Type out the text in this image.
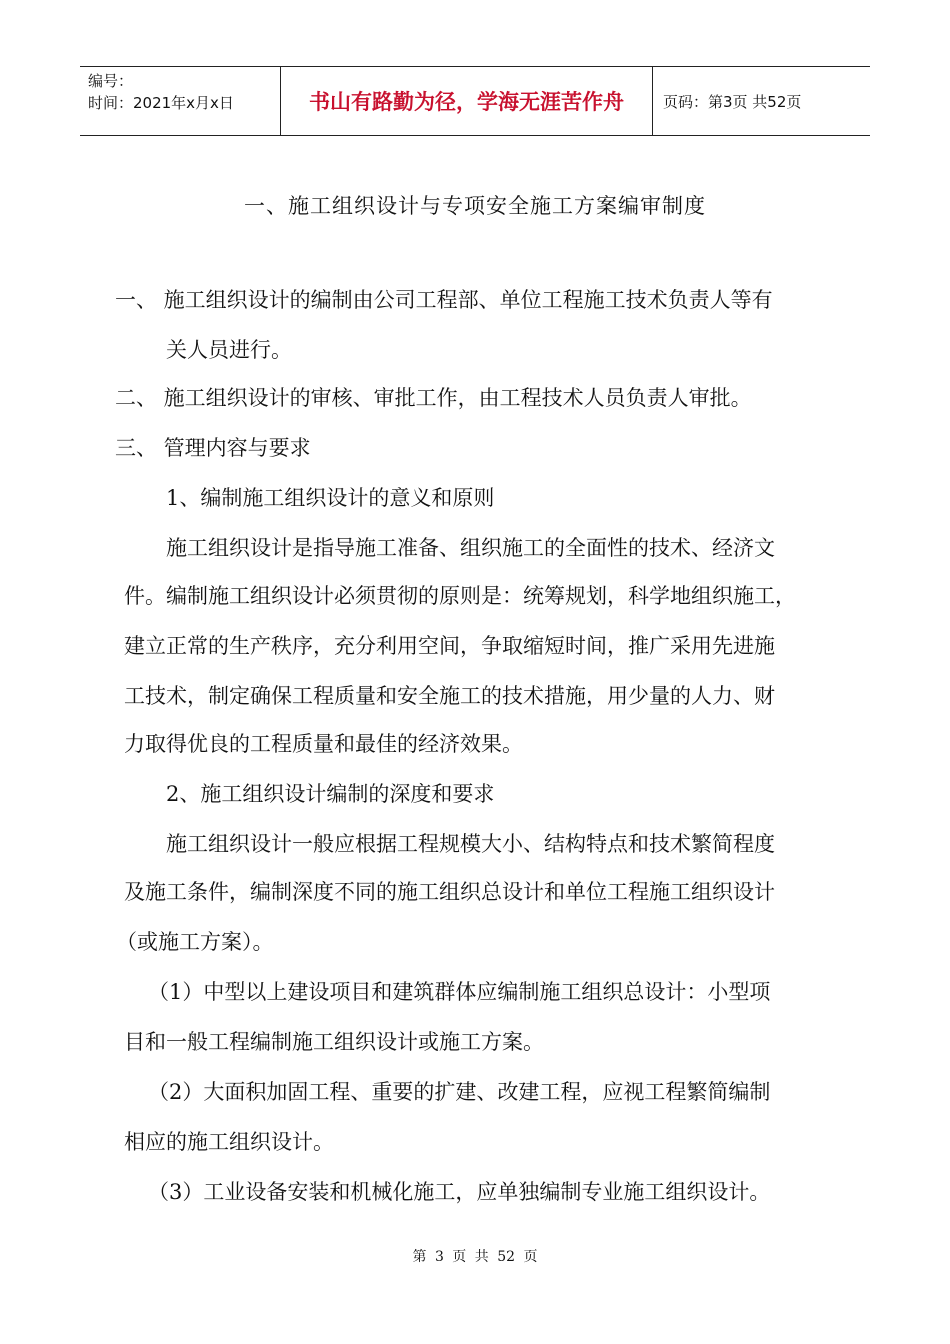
编号：
时间：2021年x月x日	书山有路勤为径，学海无涯苦作舟	页码：第3页 共52页
一、施工组织设计与专项安全施工方案编审制度
一、 施工组织设计的编制由公司工程部、单位工程施工技术负责人等有
关人员进行。
二、 施工组织设计的审核、审批工作，由工程技术人员负责人审批。
三、 管理内容与要求
1、编制施工组织设计的意义和原则
施工组织设计是指导施工准备、组织施工的全面性的技术、经济文
件。编制施工组织设计必须贯彻的原则是：统筹规划，科学地组织施工，
建立正常的生产秩序，充分利用空间，争取缩短时间，推广采用先进施
工技术，制定确保工程质量和安全施工的技术措施，用少量的人力、财
力取得优良的工程质量和最佳的经济效果。
2、施工组织设计编制的深度和要求
施工组织设计一般应根据工程规模大小、结构特点和技术繁简程度
及施工条件，编制深度不同的施工组织总设计和单位工程施工组织设计
（或施工方案）。
（1）中型以上建设项目和建筑群体应编制施工组织总设计：小型项
目和一般工程编制施工组织设计或施工方案。
（2）大面积加固工程、重要的扩建、改建工程，应视工程繁简编制
相应的施工组织设计。
（3）工业设备安装和机械化施工，应单独编制专业施工组织设计。
第 3 页 共 52 页
